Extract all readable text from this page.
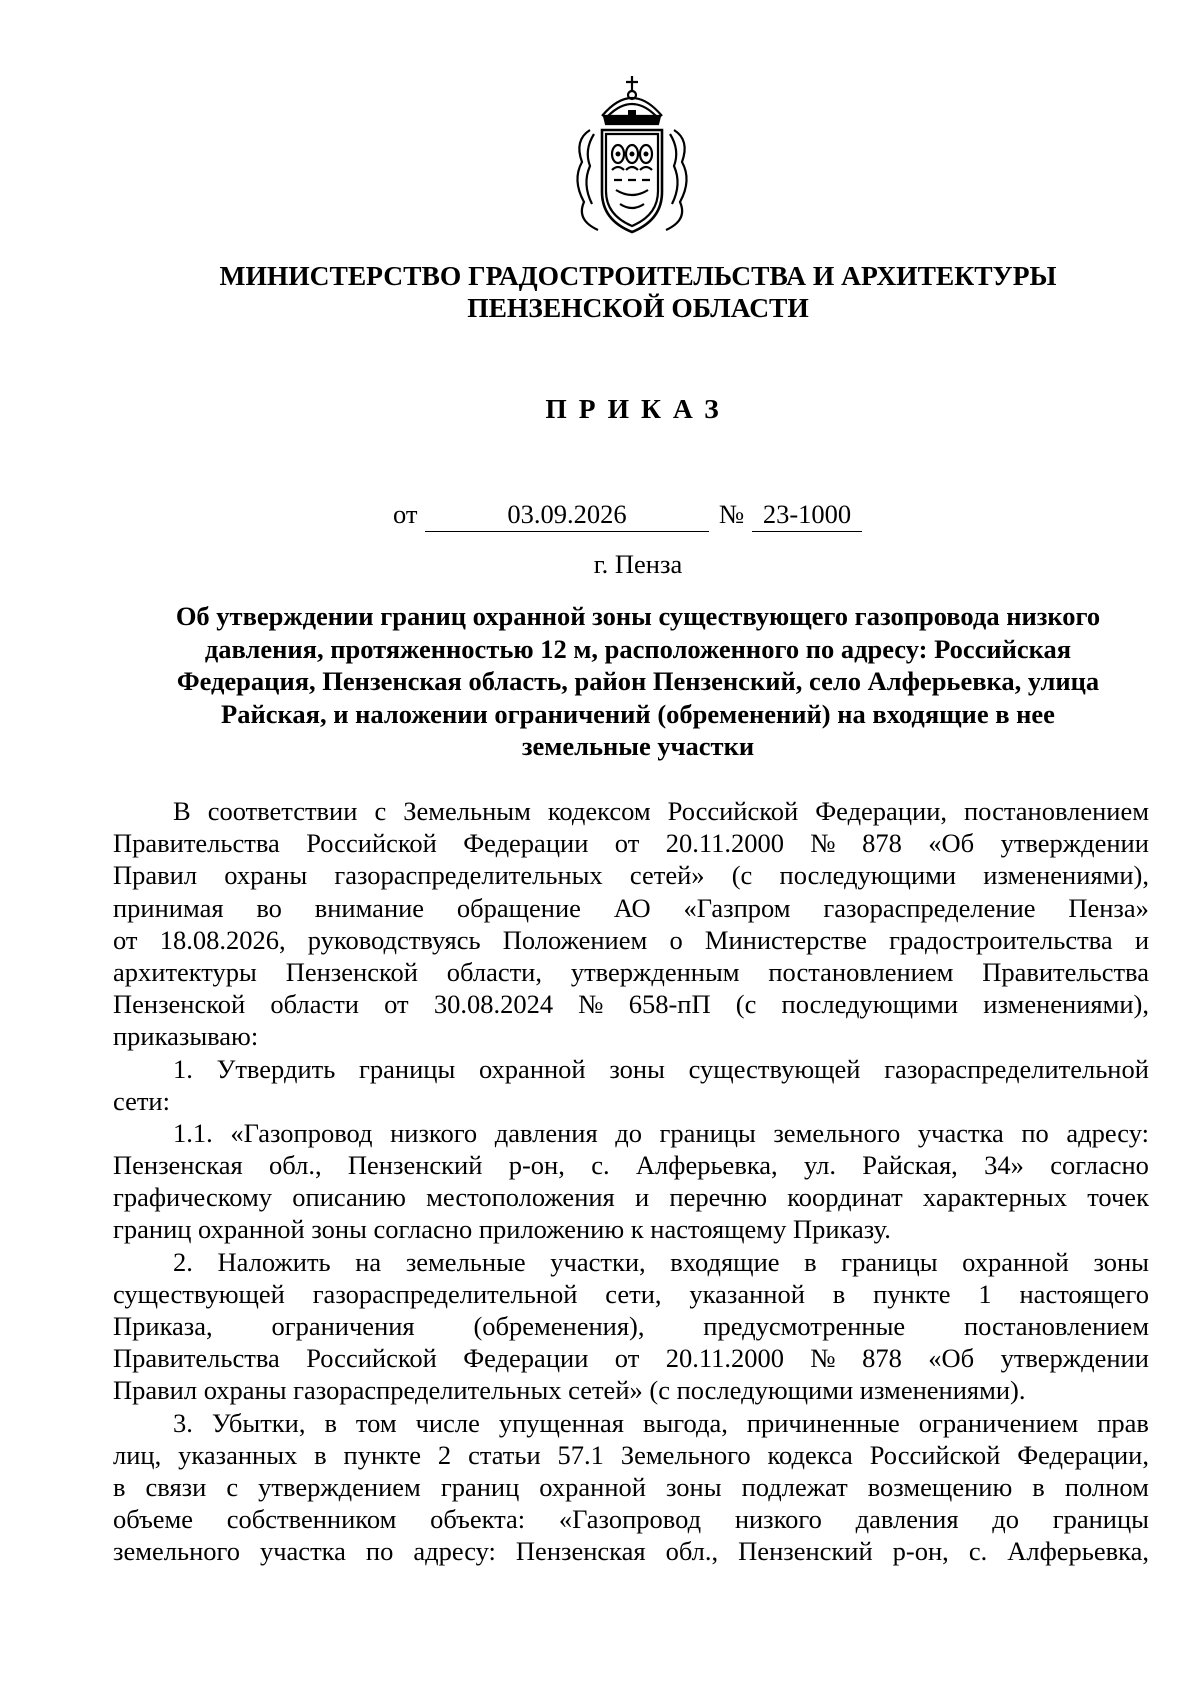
МИНИСТЕРСТВО ГРАДОСТРОИТЕЛЬСТВА И АРХИТЕКТУРЫ
ПЕНЗЕНСКОЙ ОБЛАСТИ
ПРИКАЗ
от	03.09.2026	№ 23-1000
г. Пенза
Об утверждении границ охранной зоны существующего газопровода низкого
давления, протяженностью 12 м, расположенного по адресу: Российская
Федерация, Пензенская область, район Пензенский, село Алферьевка, улица
Райская, и наложении ограничений (обременений) на входящие в нее
земельные участки
В соответствии с Земельным кодексом Российской Федерации, постановлением
Правительства Российской Федерации от 20.11.2000 № 878 «Об утверждении
Правил охраны газораспределительных сетей» (с последующими изменениями),
принимая во внимание обращение АО «Газпром газораспределение Пенза»
от 18.08.2026, руководствуясь Положением о Министерстве градостроительства и
архитектуры Пензенской области, утвержденным постановлением Правительства
Пензенской области от 30.08.2024 № 658-пП (с последующими изменениями),
приказываю:
1. Утвердить границы охранной зоны существующей газораспределительной
сети:
1.1. «Газопровод низкого давления до границы земельного участка по адресу:
Пензенская обл., Пензенский р-он, с. Алферьевка, ул. Райская, 34» согласно
графическому описанию местоположения и перечню координат характерных точек
границ охранной зоны согласно приложению к настоящему Приказу.
2. Наложить на земельные участки, входящие в границы охранной зоны
существующей газораспределительной сети, указанной в пункте 1 настоящего
Приказа, ограничения (обременения), предусмотренные постановлением
Правительства Российской Федерации от 20.11.2000 № 878 «Об утверждении
Правил охраны газораспределительных сетей» (с последующими изменениями).
3. Убытки, в том числе упущенная выгода, причиненные ограничением прав
лиц, указанных в пункте 2 статьи 57.1 Земельного кодекса Российской Федерации,
в связи с утверждением границ охранной зоны подлежат возмещению в полном
объеме собственником объекта: «Газопровод низкого давления до границы
земельного участка по адресу: Пензенская обл., Пензенский р-он, с. Алферьевка,
